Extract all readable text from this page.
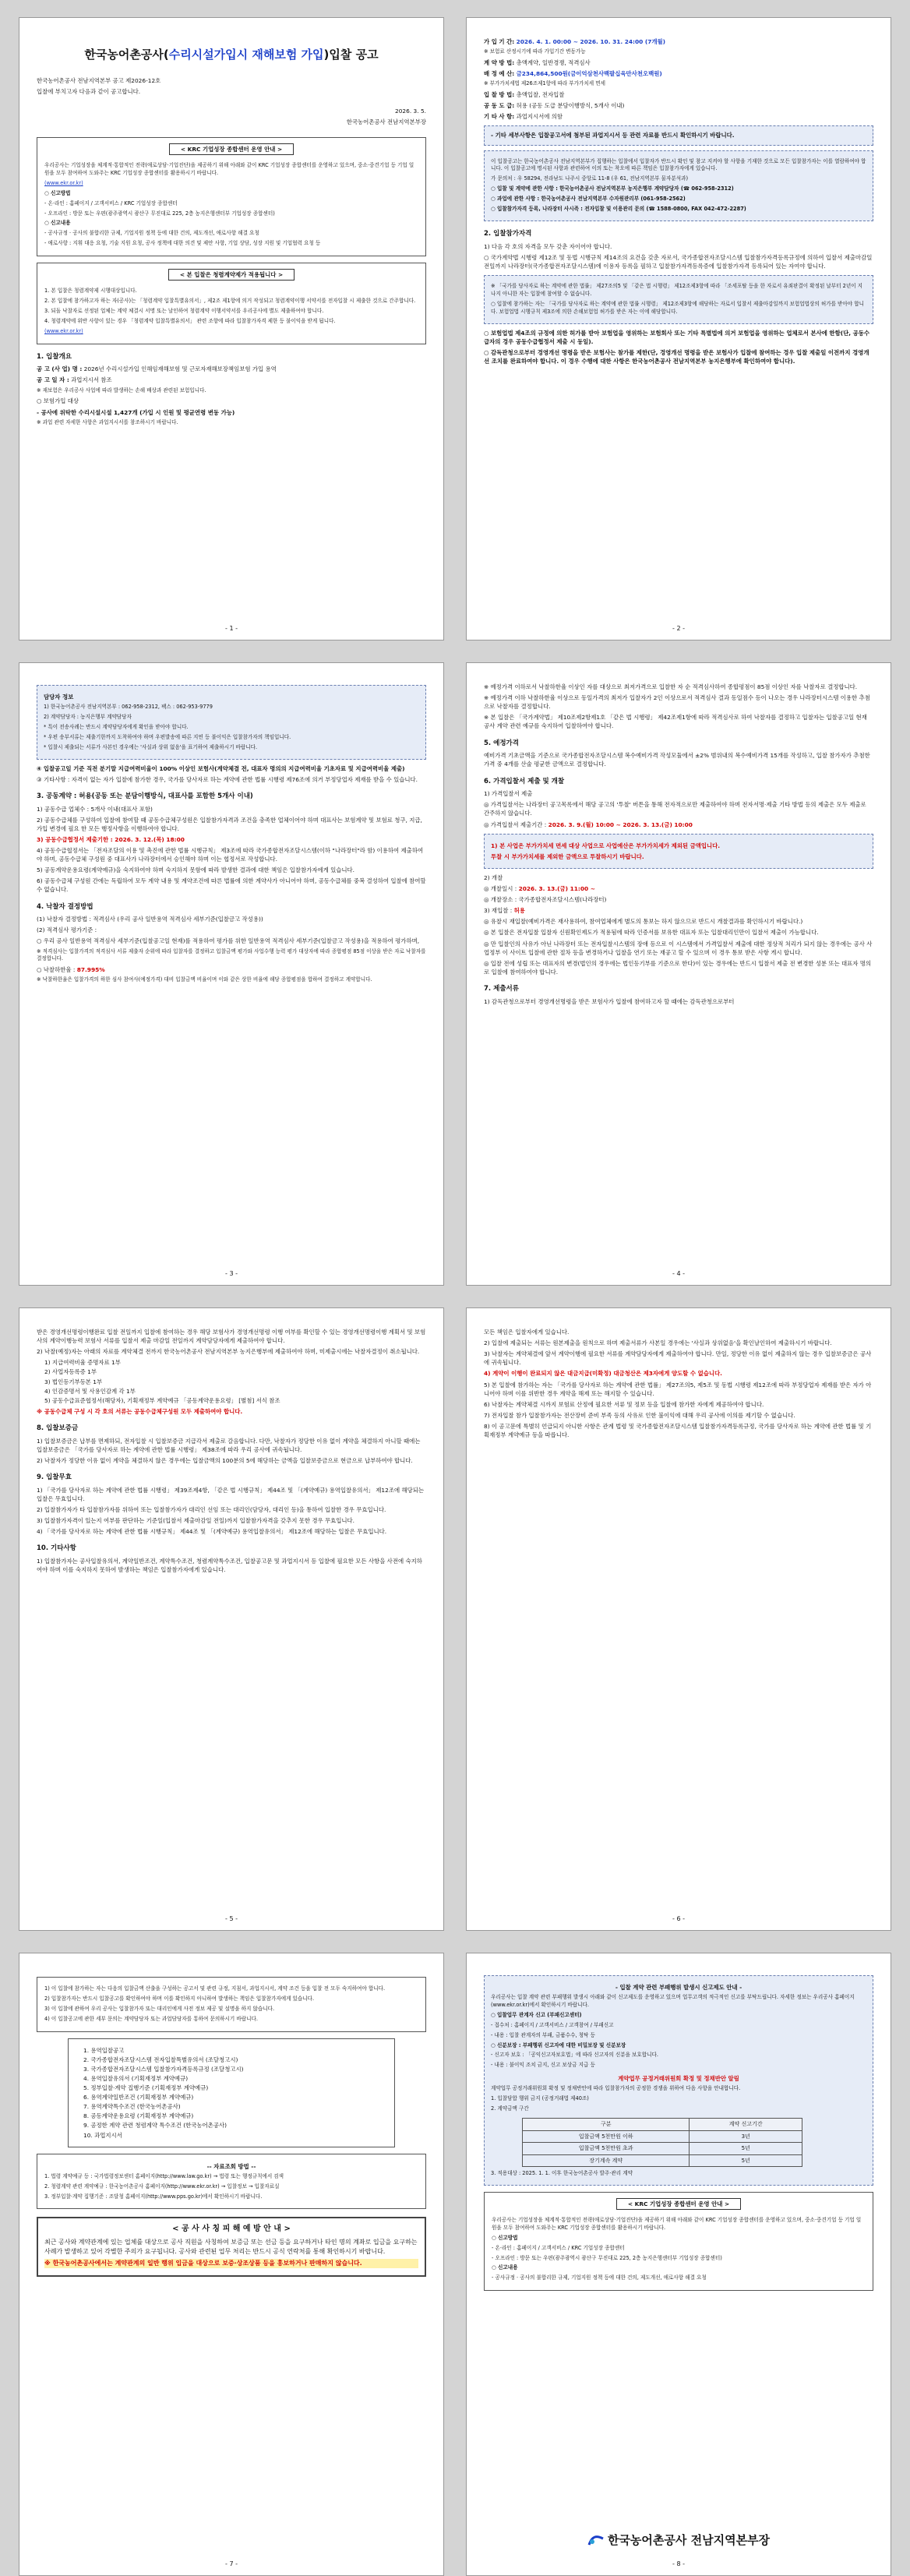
한국농어촌공사(수리시설가입시 재해보험 가입)입찰 공고

한국농어촌공사 전남지역본부 공고 제2026-12호

입찰에 부치고자 다음과 같이 공고합니다.

2026. 3. 5.

한국농어촌공사 전남지역본부장

< KRC 기업성장 종합센터 운영 안내 >

우리공사는 기업성장을 체계적·통합적인 전략(애로상담·기업진단)을 제공하기 위해 아래와 같이 KRC 기업성장 종합센터를 운영하고 있으며, 중소·중견기업 등 기업 일원을 모두 참여하여 도와주는 KRC 기업성장 종합센터를 활용하시기 바랍니다.

(www.ekr.or.kr)

○ 신고방법

- 온·라인 : 홈페이지 / 고객서비스 / KRC 기업성장 종합센터

- 오프라인 : 방문 또는 우편(광주광역시 광산구 무진대로 225, 2층 농지은행센터부 기업성장 종합센터)

○ 신고내용

- 공사규정 · 공사의 불합리한 규제, 기업지원 정책 등에 대한 건의, 제도개선, 애로사항 해결 요청

- 애로사항 : 지휘 대응 요청, 기술 지원 요청, 공사 정책에 대한 의견 및 제안 사항, 기업 상담, 성장 지원 및 기업협력 요청 등

< 본 입찰은 청렴계약제가 적용됩니다 >

1. 본 입찰은 청렴계약제 시행대상입니다.

2. 본 입찰에 참가하고자 하는 자(공사)는 「청렴계약 입찰특별유의서」, 제2조 제1항에 의거 작성되고 청렴계약이행 서약서를 전자입찰 시 제출한 것으로 간주합니다.

3. 되돌 낙찰자로 선정된 업체는 계약 체결시 서명 또는 날인하여 청렴계약 이행서약서를 우리공사에 별도 제출하여야 합니다.

4. 청렴계약에 위반 사항이 있는 경우 「청렴계약 입찰특별유의서」 관련 조항에 따라 입찰참가자격 제한 등 불이익을 받게 됩니다.

(www.ekr.or.kr)

1. 입찰개요

공 고 (사 업) 명 : 2026년 수리시설가입 인해임재해보험 및 근로자재해보장책임보험 가입 용역

공 고 일 자 : 과업지시서 참조

※ 재보험은 우리공사 사업에 따라 발생하는 손해 배상과 관련된 보험입니다.

○ 보험가입 대상

- 공사에 위탁한 수리시설시설 1,427개 (가입 시 인원 및 평균연령 변동 가능)

※ 과업 관련 자세한 사항은 과업지시서를 참조하시기 바랍니다.

- 1 -

가 입 기 간: 2026. 4. 1. 00:00 ~ 2026. 10. 31. 24:00 (7개월)

※ 보험료 산정시기에 따라 가입기간 변동가능

계 약 방 법: 총액계약, 일반경쟁, 적격심사

배 정 예 산: 금234,864,500원(금이억삼천사백팔십육만사천오백원)

※ 부가가치세법 제26조제1항에 따라 부가가치세 면세

입 찰 방 법: 총액입찰, 전자입찰

공 동 도 급: 허용 (공동 도급 분담이행방식, 5개사 이내)

기 타 사 항: 과업지시서에 의함

- 기타 세부사항은 입찰공고서에 첨부된 과업지시서 등 관련 자료를 반드시 확인하시기 바랍니다.

이 입찰공고는 한국농어촌공사 전남지역본부가 집행하는 입찰에서 입찰자가 반드시 확인 및 참고 지켜야 할 사항을 기재한 것으로 모든 입찰참가자는 이를 열람하여야 합니다. 이 입찰공고에 명시된 사항과 관련하여 이의 또는 착오에 따른 책임은 입찰참가자에게 있습니다.

가 문의처 : 우 58294, 전라남도 나주시 중앙로 11-8 (우 61, 전남지역본부 물자분석과)

○ 입찰 및 계약에 관한 사항 : 한국농어촌공사 전남지역본부 농지은행부 계약담당자 (☎ 062-958-2312)

○ 과업에 관한 사항 : 한국농어촌공사 전남지역본부 수자원관리부 (061-958-2562)

○ 입찰참가자격 등록, 나라장터 사시즉 : 전자입찰 및 이용관리 문의 (☎ 1588-0800, FAX 042-472-2287)

2. 입찰참가자격

1) 다음 각 호의 자격을 모두 갖춘 자이어야 합니다.

○ 국가계약법 시행령 제12조 및 동법 시행규칙 제14조의 요건을 갖춘 자로서, 국가종합전자조달시스템 입찰참가자격등록규정에 의하여 입찰서 제출마감일 전일까지 나라장터(국가종합전자조달시스템)에 이용자 등록을 필하고 입찰참가자격등록증에 입찰참가자격 등록되어 있는 자여야 합니다.

※ 「국가를 당사자로 하는 계약에 관한 법률」 제27조의5 및 「같은 법 시행령」 제12조제3항에 따라 「조세포탈 등을 한 자로서 유죄판결이 확정된 날부터 2년이 지나지 아니한 자는 입찰에 참여할 수 없습니다.

○ 입찰에 참가하는 자는 「국가를 당사자로 하는 계약에 관한 법률 시행령」 제12조제3항에 해당하는 자로서 입찰서 제출마감일까지 보험업법상의 허가를 받아야 합니다. 보험업법 시행규칙 제3조에 의한 손해보험업 허가를 받은 자는 이에 해당합니다.

○ 보험업법 제4조의 규정에 의한 허가를 받아 보험업을 영위하는 보험회사 또는 기타 특별법에 의거 보험업을 영위하는 업체로서 본사에 한함(단, 공동수급자의 경우 공동수급협정서 제출 시 동일).

○ 감독관청으로부터 경영개선 명령을 받은 보험사는 참가를 제한(단, 경영개선 명령을 받은 보험사가 입찰에 참여하는 경우 입찰 제출일 이전까지 경영개선 조치를 완료하여야 합니다. 이 경우 수행에 대한 사항은 한국농어촌공사 전남지역본부 농지은행부에 확인하여야 합니다).

- 2 -

담당자 정보

1) 한국농어촌공사 전남지역본부 : 062-958-2312, 팩스 : 062-953-9779

2) 계약담당자 : 농지은행부 계약담당자

* 특이 전송사례는 반드시 계약담당자에게 확인을 받아야 합니다.

* 우편 송부서류는 제출기한까지 도착하여야 하며 우편발송에 따른 지연 등 불이익은 입찰참가자의 책임입니다.

* 입찰시 제출되는 서류가 사본인 경우에는 '사실과 상위 없음'을 표기하여 제출하시기 바랍니다.

④ 입찰공고일 기준 직전 분기말 지급여력비율이 100% 이상인 보험사(계약체결 전, 대표자 명의의 지급여력비율 기초자료 및 지급여력비율 제출)

③ 기타사항 : 자격이 없는 자가 입찰에 참가한 경우, 국가를 당사자로 하는 계약에 관한 법률 시행령 제76조에 의거 부정당업자 제재를 받을 수 있습니다.

3. 공동계약 : 허용(공동 또는 분담이행방식, 대표사를 포함한 5개사 이내)

1) 공동수급 업체수 : 5개사 이내(대표사 포함)

2) 공동수급체를 구성하여 입찰에 참여할 때 공동수급체구성원은 입찰참가자격과 조건을 충족한 업체이어야 하며 대표사는 보험계약 및 보험료 청구, 지급, 가입 변경에 필요 한 모든 행정사항을 이행하여야 합니다.

3) 공동수급협정서 제출기한 : 2026. 3. 12.(목) 18:00

4) 공동수급협정서는 「전자조달의 이용 및 촉진에 관한 법률 시행규칙」 제3조에 따라 국가종합전자조달시스템(이하 "나라장터"라 함) 이용하여 제출하여야 하며, 공동수급체 구성원 중 대표사가 나라장터에서 승인해야 하며 이는 협정서로 작성합니다.

5) 공동계약운용요령(계약예규)을 숙지하여야 하며 숙지하지 못함에 따라 발생한 결과에 대한 책임은 입찰참가자에게 있습니다.

6) 공동수급체 구성원 간에는 독립하여 모두 계약 내용 및 계약조건에 따른 법률에 의한 계약사가 아니어야 하며, 공동수급체를 중복 결성하여 입찰에 참여할 수 없습니다.

4. 낙찰자 결정방법

(1) 낙찰자 결정방법 : 적격심사 (우리 공사 일반용역 적격심사 세부기준(입찰금고 작성용))

(2) 적격심사 평가기준 :

○ 우리 공사 일반용역 적격심사 세부기준(입찰공고일 현재)를 적용하여 평가를 위한 일반용역 적격심사 세부기준(입찰금고 작성용)을 적용하여 평가하며,

※ 적격심사는 입찰가격의 적격심사 서류 제출자 순위에 따라 입찰자를 결정하고 입찰금액 평가와 사업수행 능력 평가 대상자에 따라 종합평점 85점 이상을 받은 자로 낙찰자를 결정합니다.

○ 낙찰하한율 : 87.995%

※ 낙찰하한율은 입찰가격의 하한 심사 참여사(예정가격) 대비 입찰금액 비율이며 이와 같은 상한 비율에 해당 종합평점을 합하여 결정하고 계약합니다.

- 3 -

※ 예정가격 이하로서 낙찰하한율 이상인 자를 대상으로 최저가격으로 입찰한 자 순 적격심사하여 종합평점이 85점 이상인 자를 낙찰자로 결정합니다.

※ 예정가격 이하 낙찰하한율 이상으로 동일가격의 최저가 입찰자가 2인 이상으로서 적격심사 결과 동일점수 등이 나오는 경우 나라장터시스템 이용한 추첨으로 낙찰자를 결정합니다.

※ 본 입찰은 「국가계약법」 제10조제2항제1호 「같은 법 시행령」 제42조제1항에 따라 적격심사로 하여 낙찰자를 결정하고 입찰자는 입찰공고일 현재 공사 계약 관련 예규를 숙지하여 입찰하여야 합니다.

5. 예정가격

예비가격 기초금액을 기준으로 국가종합전자조달시스템 복수예비가격 작성모듈에서 ±2% 범위내의 복수예비가격 15개를 작성하고, 입찰 참가자가 추첨한 가격 중 4개를 산술 평균한 금액으로 결정합니다.

6. 가격입찰서 제출 및 개찰

1) 가격입찰서 제출

◎ 가격입찰서는 나라장터 공고목록에서 해당 공고의 '투찰' 버튼을 통해 전자적으로만 제출하여야 하며 전자서명·제출 기타 방법 등의 제출은 모두 제출로 간주하지 않습니다.

◎ 가격입찰서 제출기간 : 2026. 3. 9.(월) 10:00 ~ 2026. 3. 13.(금) 10:00

1) 본 사업은 부가가치세 면세 대상 사업으로 사업예산은 부가가치세가 제외된 금액입니다.

투찰 시 부가가치세를 제외한 금액으로 투찰하시기 바랍니다.

2) 개찰

◎ 개찰일시 : 2026. 3. 13.(금) 11:00 ~

◎ 개찰장소 : 국가종합전자조달시스템(나라장터)

3) 재입찰 : 허용

◎ 유찰시 재입찰(예비가격은 재사용하여, 참여업체에게 별도의 통보는 하지 않으므로 반드시 개찰결과를 확인하시기 바랍니다.)

◎ 본 입찰은 전자입찰 입찰자 신원확인제도가 적용됨에 따라 인증서를 보유한 대표자 또는 입찰대리인만이 입찰서 제출이 가능합니다.

◎ 만 입찰인의 사유가 아닌 나라장터 또는 전자입찰시스템의 장애 등으로 이 시스템에서 가격입찰서 제출에 대한 정상적 처리가 되지 않는 경우에는 공사 사업정부 이 사이트 입찰에 관한 절차 등을 변경하거나 입찰을 연기 또는 재공고 할 수 있으며 이 경우 통보 받은 사항 게시 합니다.

◎ 입찰 전에 성립 또는 대표자의 변경(법인의 경우에는 법인등기부를 기준으로 한다)이 있는 경우에는 반드시 입찰서 제출 전 변경한 성분 또는 대표자 명의로 입찰에 참여하여야 합니다.

7. 제출서류

1) 감독관청으로부터 경영개선명령을 받은 보험사가 입찰에 참여하고자 할 때에는 감독관청으로부터

- 4 -

받은 경영개선명령이행완료 입찰 전일까지 입찰에 참여하는 경우 해당 보험사가 경영개선명령 이행 여부를 확인할 수 있는 경영개선명령이행 계획서 및 보험사의 계약이행능력 보험사 서류를 입찰서 제출 마감일 전일까지 계약담당자에게 제출하여야 합니다.

2) 낙찰(예정)자는 아래의 자료를 계약체결 전까지 한국농어촌공사 전남지역본부 농지은행부에 제출하여야 하며, 미제출시에는 낙찰자결정이 취소됩니다.

1) 지급여력비율 증명자료 1부
2) 사업자등록증 1부
3) 법인등기부등본 1부
4) 인감증명서 및 사용인감계 각 1부
5) 공동수급표준협정서(해당자), 기획재정부 계약예규 「공동계약운용요령」 [별첨] 서식 참조

※ 공동수급체 구성 시 각 호의 서류는 공동수급체구성원 모두 제출하여야 합니다.

8. 입찰보증금

1) 입찰보증금은 납부를 면제하되, 전자입찰 시 입찰보증금 지급각서 제출로 갈음합니다. 다만, 낙찰자가 정당한 이유 없이 계약을 체결하지 아니할 때에는 입찰보증금은 「국가를 당사자로 하는 계약에 관한 법률 시행령」 제38조에 따라 우리 공사에 귀속됩니다.

2) 낙찰자가 정당한 이유 없이 계약을 체결하지 않은 경우에는 입찰금액의 100분의 5에 해당하는 금액을 입찰보증금으로 현금으로 납부하여야 합니다.

9. 입찰무효

1) 「국가를 당사자로 하는 계약에 관한 법률 시행령」 제39조제4항, 「같은 법 시행규칙」 제44조 및 「(계약예규) 용역입찰유의서」 제12조에 해당되는 입찰은 무효입니다.

2) 입찰참가자가 타 입찰참가자를 위하여 또는 입찰참가자가 대리인 선임 또는 대리인(담당자, 대리인 등)을 통하여 입찰한 경우 무효입니다.

3) 입찰참가자격이 있는지 여부를 판단하는 기준일(입찰서 제출마감일 전일)까지 입찰참가자격을 갖추지 못한 경우 무효입니다.

4) 「국가를 당사자로 하는 계약에 관한 법률 시행규칙」 제44조 및 「(계약예규) 용역입찰유의서」 제12조에 해당하는 입찰은 무효입니다.

10. 기타사항

1) 입찰참가자는 공사입찰유의서, 계약일반조건, 계약특수조건, 청렴계약특수조건, 입찰공고문 및 과업지시서 등 입찰에 필요한 모든 사항을 사전에 숙지하여야 하며 이를 숙지하지 못하여 발생하는 책임은 입찰참가자에게 있습니다.

- 5 -

모든 책임은 입찰자에게 있습니다.

2) 입찰에 제출되는 서류는 원본제출을 원칙으로 하며 제출서류가 사본일 경우에는 '사실과 상위없음'을 확인날인하여 제출하시기 바랍니다.

3) 낙찰자는 계약체결에 앞서 계약이행에 필요한 서류를 계약담당자에게 제출하여야 합니다. 만일, 정당한 이유 없이 제출하지 않는 경우 입찰보증금은 공사에 귀속됩니다.

4) 계약이 이행이 완료되지 않은 대금지급(미확정) 대금청산은 제3자에게 양도할 수 없습니다.

5) 본 입찰에 참가하는 자는 「국가를 당사자로 하는 계약에 관한 법률」 제27조의5, 제5조 및 동법 시행령 제12조에 따라 부정당업자 제재를 받은 자가 아니어야 하며 이를 위반한 경우 계약을 해제 또는 해지할 수 있습니다.

6) 낙찰자는 계약체결 시까지 보험료 산정에 필요한 서류 및 정보 등을 입찰에 참가한 자에게 제공하여야 합니다.

7) 전자입찰 참가 입찰참가자는 전산장비 준비 부족 등의 사유로 인한 불이익에 대해 우리 공사에 이의를 제기할 수 없습니다.

8) 이 공고문에 특별히 언급되지 아니한 사항은 관계 법령 및 국가종합전자조달시스템 입찰참가자격등록규정, 국가를 당사자로 하는 계약에 관한 법률 및 기획재정부 계약예규 등을 따릅니다.

- 6 -

1) 이 입찰에 참가하는 자는 다음의 입찰금액 산출을 구성하는 공고서 및 관련 규정, 지침서, 과업지시서, 계약 조건 등을 입찰 전 모두 숙지하여야 합니다.

2) 입찰참가자는 반드시 입찰공고를 확인하여야 하며 이를 확인하지 아니하여 발생하는 책임은 입찰참가자에게 있습니다.

3) 이 입찰에 관하여 우리 공사는 입찰참가자 또는 대리인에게 사전 정보 제공 및 설명을 하지 않습니다.

4) 이 입찰공고에 관한 세부 문의는 계약담당자 또는 과업담당자를 통하여 문의하시기 바랍니다.

1. 용역입찰공고
2. 국가종합전자조달시스템 전자입찰특별유의서 (조달청고시)
3. 국가종합전자조달시스템 입찰참가자격등록규정 (조달청고시)
4. 용역입찰유의서 (기획재정부 계약예규)
5. 정부입찰·계약 집행기준 (기획재정부 계약예규)
6. 용역계약일반조건 (기획재정부 계약예규)
7. 용역계약특수조건 (한국농어촌공사)
8. 공동계약운용요령 (기획재정부 계약예규)
9. 공정한 계약 관련 청렴계약 특수조건 (한국농어촌공사)
10. 과업지시서

-- 자료조회 방법 --

1. 법령 계약예규 등 : 국가법령정보센터 홈페이지(http://www.law.go.kr) → 법령 또는 행정규칙에서 검색

2. 청렴계약 관련 계약예규 : 한국농어촌공사 홈페이지(http://www.ekr.or.kr) → 입찰정보 → 입찰자료실

3. 정부입찰·계약 집행기준 : 조달청 홈페이지(http://www.pps.go.kr)에서 확인하시기 바랍니다.

< 공 사 사 칭 피 해 예 방 안 내 >

최근 공사와 계약관계에 있는 업체를 대상으로 공사 직원을 사칭하여 보증금 또는 선금 등을 요구하거나 타인 명의 계좌로 입금을 요구하는 사례가 발생하고 있어 각별한 주의가 요구됩니다. 공사와 관련된 업무 처리는 반드시 공식 연락처를 통해 확인하시기 바랍니다.

※ 한국농어촌공사에서는 계약관계의 일반 행위 입금을 대상으로 보증·상조상품 등을 홍보하거나 판매하지 않습니다.

- 7 -

- 입찰 계약 관련 부패행위 발생시 신고제도 안내 -

우리공사는 입찰 계약 관련 부패행위 발생시 아래와 같이 신고제도를 운영하고 있으며 업무고객의 적극적인 신고를 부탁드립니다. 자세한 정보는 우리공사 홈페이지(www.ekr.or.kr)에서 확인하시기 바랍니다.

○ 입찰업무 관계자 신고 (부패신고센터)

- 접수처 : 홈페이지 / 고객서비스 / 고객참여 / 부패신고

- 내용 : 입찰 관계자의 부패, 금품수수, 청탁 등

○ 신분보장 : 부패행위 신고자에 대한 비밀보장 및 신분보장

- 신고자 보호 : 「공익신고자보호법」에 따라 신고자의 신분을 보호합니다.

- 내용 : 불이익 조치 금지, 신고 보상금 지급 등

계약업무 공정거래위원회 확정 및 정채반안 알림

계약업무 공정거래위원회 확정 및 정채반안에 따라 입찰참가자의 공정한 경쟁을 위하여 다음 사항을 안내합니다.

1. 입찰담합 행위 금지 (공정거래법 제40조)

2. 계약금액 구간

구분	계약 신고기간
입찰금액 5천만원 이하	3년
입찰금액 5천만원 초과	5년
장기계속 계약	5년

3. 적용대상 : 2025. 1. 1. 이후 한국농어촌공사 발주·관리 계약

< KRC 기업성장 종합센터 운영 안내 >

우리공사는 기업성장을 체계적·통합적인 전략(애로상담·기업진단)을 제공하기 위해 아래와 같이 KRC 기업성장 종합센터를 운영하고 있으며, 중소·중견기업 등 기업 일원을 모두 참여하여 도와주는 KRC 기업성장 종합센터를 활용하시기 바랍니다.

○ 신고방법

- 온·라인 : 홈페이지 / 고객서비스 / KRC 기업성장 종합센터

- 오프라인 : 방문 또는 우편(광주광역시 광산구 무진대로 225, 2층 농지은행센터부 기업성장 종합센터)

○ 신고내용

- 공사규정 · 공사의 불합리한 규제, 기업지원 정책 등에 대한 건의, 제도개선, 애로사항 해결 요청

한국농어촌공사 전남지역본부장
- 8 -
